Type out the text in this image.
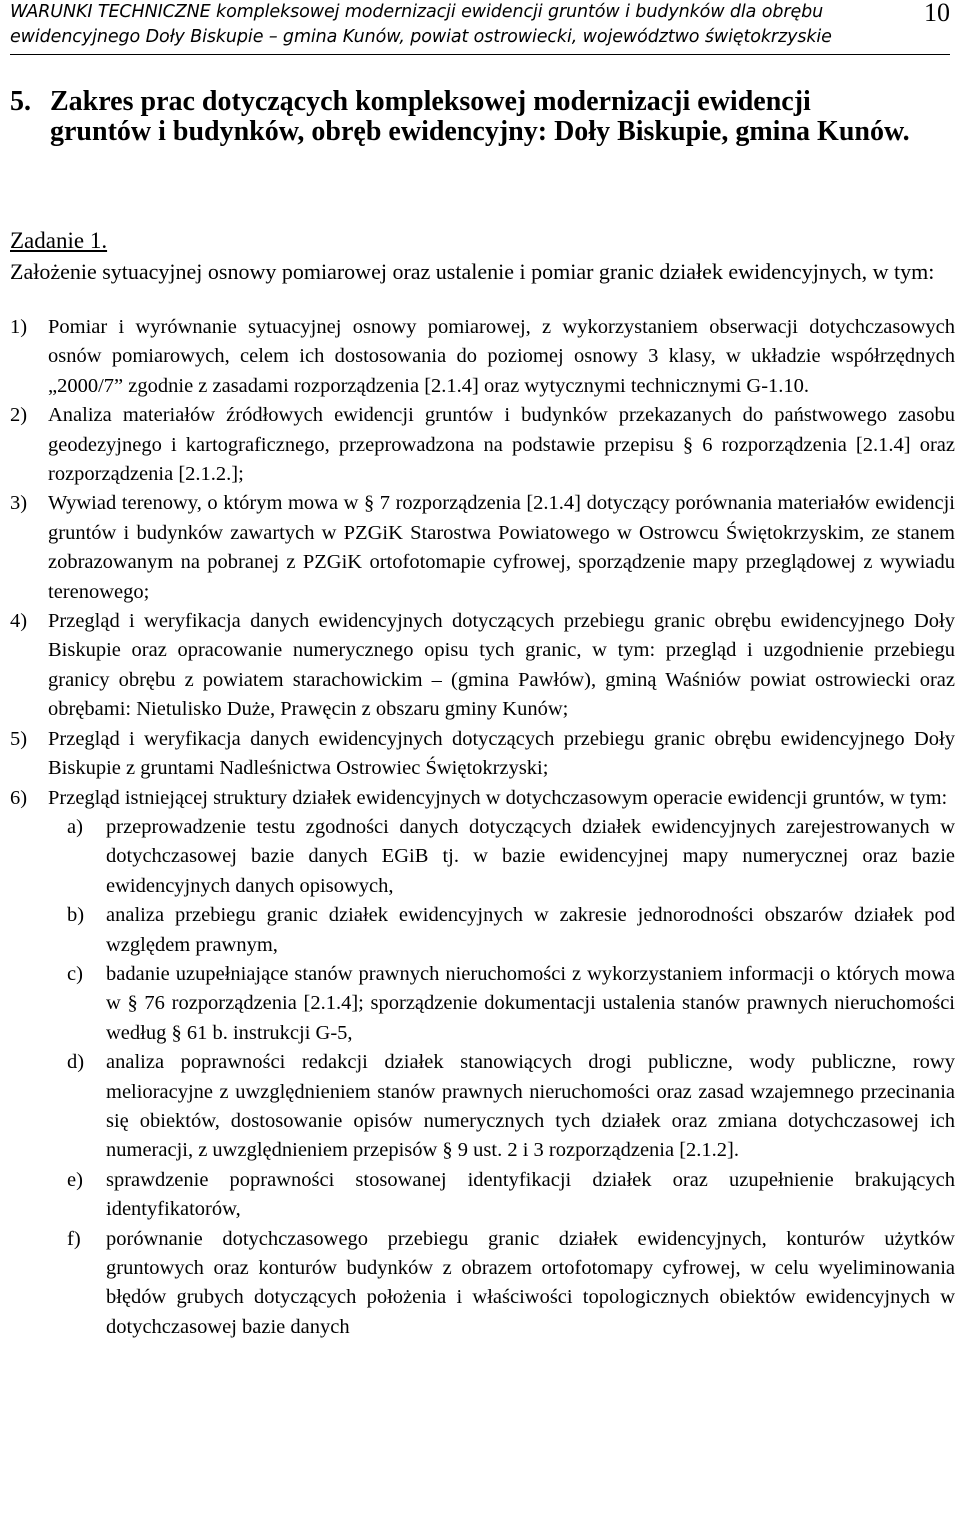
WARUNKI TECHNICZNE kompleksowej modernizacji ewidencji gruntów i budynków dla obrębu
ewidencyjnego Doły Biskupie – gmina Kunów, powiat ostrowiecki, województwo świętokrzyskie
10
5. Zakres prac dotyczących kompleksowej modernizacji ewidencji gruntów i budynków, obręb ewidencyjny: Doły Biskupie, gmina Kunów.
Zadanie 1.
Założenie sytuacyjnej osnowy pomiarowej oraz ustalenie i pomiar granic działek ewidencyjnych, w tym:
1) Pomiar i wyrównanie sytuacyjnej osnowy pomiarowej, z wykorzystaniem obserwacji dotychczasowych osnów pomiarowych, celem ich dostosowania do poziomej osnowy 3 klasy, w układzie współrzędnych „2000/7” zgodnie z zasadami rozporządzenia [2.1.4] oraz wytycznymi technicznymi G-1.10.
2) Analiza materiałów źródłowych ewidencji gruntów i budynków przekazanych do państwowego zasobu geodezyjnego i kartograficznego, przeprowadzona na podstawie przepisu § 6 rozporządzenia [2.1.4] oraz rozporządzenia [2.1.2.];
3) Wywiad terenowy, o którym mowa w § 7 rozporządzenia [2.1.4] dotyczący porównania materiałów ewidencji gruntów i budynków zawartych w PZGiK Starostwa Powiatowego w Ostrowcu Świętokrzyskim, ze stanem zobrazowanym na pobranej z PZGiK ortofotomapie cyfrowej, sporządzenie mapy przeglądowej z wywiadu terenowego;
4) Przegląd i weryfikacja danych ewidencyjnych dotyczących przebiegu granic obrębu ewidencyjnego Doły Biskupie oraz opracowanie numerycznego opisu tych granic, w tym: przegląd i uzgodnienie przebiegu granicy obrębu z powiatem starachowickim – (gmina Pawłów), gminą Waśniów powiat ostrowiecki oraz obrębami: Nietulisko Duże, Prawęcin z obszaru gminy Kunów;
5) Przegląd i weryfikacja danych ewidencyjnych dotyczących przebiegu granic obrębu ewidencyjnego Doły Biskupie z gruntami Nadleśnictwa Ostrowiec Świętokrzyski;
6) Przegląd istniejącej struktury działek ewidencyjnych w dotychczasowym operacie ewidencji gruntów, w tym:
a) przeprowadzenie testu zgodności danych dotyczących działek ewidencyjnych zarejestrowanych w dotychczasowej bazie danych EGiB tj. w bazie ewidencyjnej mapy numerycznej oraz bazie ewidencyjnych danych opisowych,
b) analiza przebiegu granic działek ewidencyjnych w zakresie jednorodności obszarów działek pod względem prawnym,
c) badanie uzupełniające stanów prawnych nieruchomości z wykorzystaniem informacji o których mowa w § 76 rozporządzenia [2.1.4]; sporządzenie dokumentacji ustalenia stanów prawnych nieruchomości według § 61 b. instrukcji G-5,
d) analiza poprawności redakcji działek stanowiących drogi publiczne, wody publiczne, rowy melioracyjne z uwzględnieniem stanów prawnych nieruchomości oraz zasad wzajemnego przecinania się obiektów, dostosowanie opisów numerycznych tych działek oraz zmiana dotychczasowej ich numeracji, z uwzględnieniem przepisów § 9 ust. 2 i 3 rozporządzenia [2.1.2].
e) sprawdzenie poprawności stosowanej identyfikacji działek oraz uzupełnienie brakujących identyfikatorów,
f) porównanie dotychczasowego przebiegu granic działek ewidencyjnych, konturów użytków gruntowych oraz konturów budynków z obrazem ortofotomapy cyfrowej, w celu wyeliminowania błędów grubych dotyczących położenia i właściwości topologicznych obiektów ewidencyjnych w dotychczasowej bazie danych
